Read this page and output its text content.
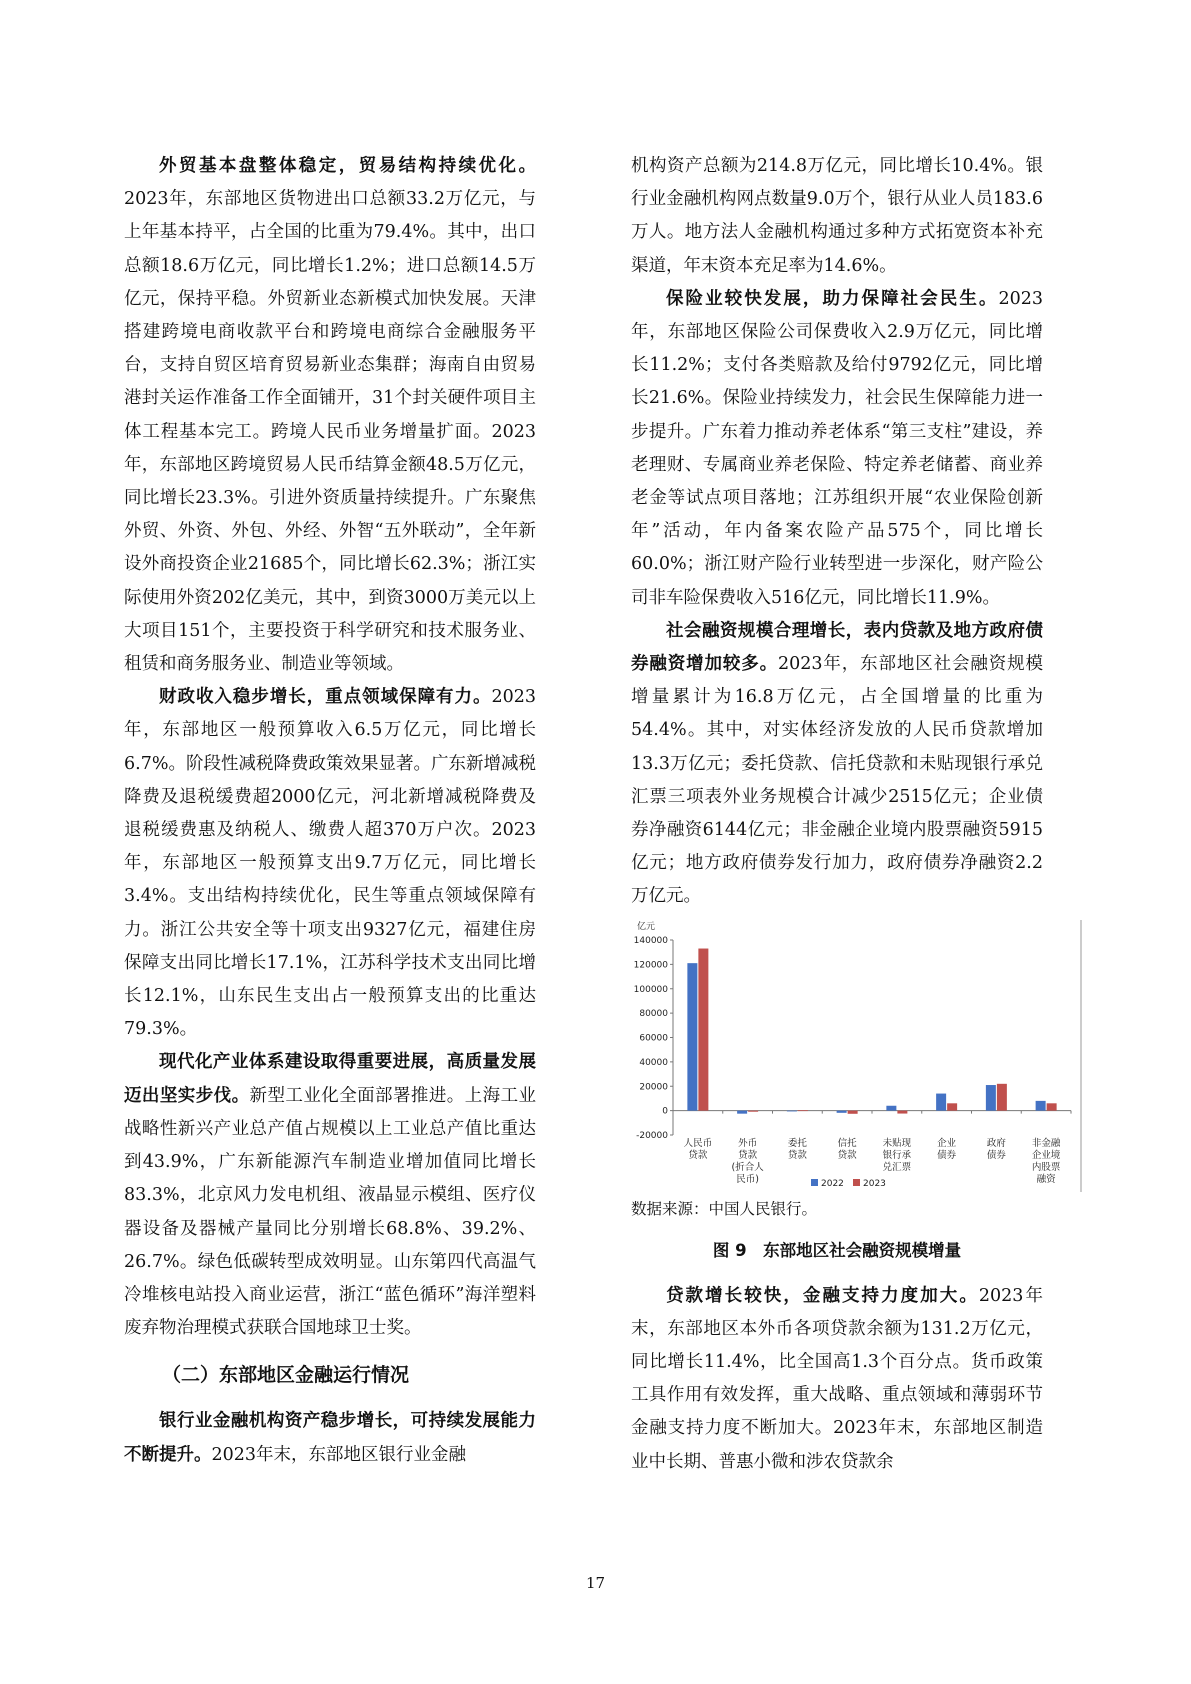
外贸基本盘整体稳定，贸易结构持续优化。2023年，东部地区货物进出口总额33.2万亿元，与上年基本持平，占全国的比重为79.4%。其中，出口总额18.6万亿元，同比增长1.2%；进口总额14.5万亿元，保持平稳。外贸新业态新模式加快发展。天津搭建跨境电商收款平台和跨境电商综合金融服务平台，支持自贸区培育贸易新业态集群；海南自由贸易港封关运作准备工作全面铺开，31个封关硬件项目主体工程基本完工。跨境人民币业务增量扩面。2023年，东部地区跨境贸易人民币结算金额48.5万亿元，同比增长23.3%。引进外资质量持续提升。广东聚焦外贸、外资、外包、外经、外智“五外联动”，全年新设外商投资企业21685个，同比增长62.3%；浙江实际使用外资202亿美元，其中，到资3000万美元以上大项目151个，主要投资于科学研究和技术服务业、租赁和商务服务业、制造业等领域。

财政收入稳步增长，重点领域保障有力。2023年，东部地区一般预算收入6.5万亿元，同比增长6.7%。阶段性减税降费政策效果显著。广东新增减税降费及退税缓费超2000亿元，河北新增减税降费及退税缓费惠及纳税人、缴费人超370万户次。2023年，东部地区一般预算支出9.7万亿元，同比增长3.4%。支出结构持续优化，民生等重点领域保障有力。浙江公共安全等十项支出9327亿元，福建住房保障支出同比增长17.1%，江苏科学技术支出同比增长12.1%，山东民生支出占一般预算支出的比重达79.3%。

现代化产业体系建设取得重要进展，高质量发展迈出坚实步伐。新型工业化全面部署推进。上海工业战略性新兴产业总产值占规模以上工业总产值比重达到43.9%，广东新能源汽车制造业增加值同比增长83.3%，北京风力发电机组、液晶显示模组、医疗仪器设备及器械产量同比分别增长68.8%、39.2%、26.7%。绿色低碳转型成效明显。山东第四代高温气冷堆核电站投入商业运营，浙江“蓝色循环”海洋塑料废弃物治理模式获联合国地球卫士奖。

（二）东部地区金融运行情况

银行业金融机构资产稳步增长，可持续发展能力不断提升。2023年末，东部地区银行业金融

机构资产总额为214.8万亿元，同比增长10.4%。银行业金融机构网点数量9.0万个，银行从业人员183.6万人。地方法人金融机构通过多种方式拓宽资本补充渠道，年末资本充足率为14.6%。

保险业较快发展，助力保障社会民生。2023年，东部地区保险公司保费收入2.9万亿元，同比增长11.2%；支付各类赔款及给付9792亿元，同比增长21.6%。保险业持续发力，社会民生保障能力进一步提升。广东着力推动养老体系“第三支柱”建设，养老理财、专属商业养老保险、特定养老储蓄、商业养老金等试点项目落地；江苏组织开展“农业保险创新年”活动，年内备案农险产品575个，同比增长60.0%；浙江财产险行业转型进一步深化，财产险公司非车险保费收入516亿元，同比增长11.9%。

社会融资规模合理增长，表内贷款及地方政府债券融资增加较多。2023年，东部地区社会融资规模增量累计为16.8万亿元，占全国增量的比重为54.4%。其中，对实体经济发放的人民币贷款增加13.3万亿元；委托贷款、信托贷款和未贴现银行承兑汇票三项表外业务规模合计减少2515亿元；企业债券净融资6144亿元；非金融企业境内股票融资5915亿元；地方政府债券发行加力，政府债券净融资2.2万亿元。

亿元
-20000
0
20000
40000
60000
80000
100000
120000
140000
人民币
贷款
外币
贷款
(折合人
民币)
委托
贷款
信托
贷款
未贴现
银行承
兑汇票
企业
债券
政府
债券
非金融
企业境
内股票
融资
2022 2023

数据来源：中国人民银行。

图 9　东部地区社会融资规模增量

贷款增长较快，金融支持力度加大。2023年末，东部地区本外币各项贷款余额为131.2万亿元，同比增长11.4%，比全国高1.3个百分点。货币政策工具作用有效发挥，重大战略、重点领域和薄弱环节金融支持力度不断加大。2023年末，东部地区制造业中长期、普惠小微和涉农贷款余

17
